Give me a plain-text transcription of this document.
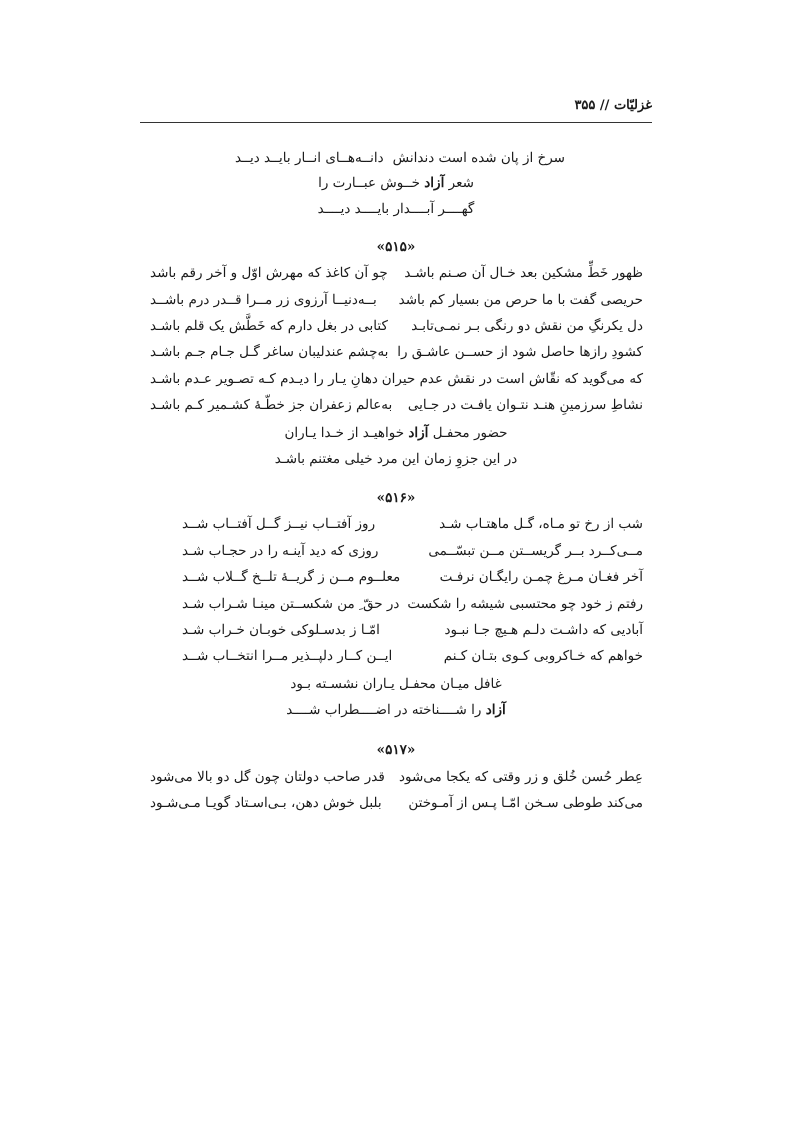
غزلیّات // ۳۵۵
سرخ از پان شده است دندانش
دانــه‌هــای انــار بایــد دیــد
شعر آزاد خــوش عبــارت را
گهــــر آبــــدار بایــــد دیــــد
«۵۱۵»
ظهور خَطِّ مشکین بعد خـال آن صـنم باشـد
چو آن کاغذ که مهرش اوّل و آخر رقم باشد
حریصی گفت با ما حرص من بسیار کم باشد
بــه‌دنیــا آرزوی زر مــرا قــدر درم باشــد
دل یکرنگِ من نقش دو رنگی بـر نمـی‌تابـد
کتابی در بغل دارم که خَطَّش یک قلم باشـد
کشودِ رازها حاصل شود از حســن عاشـق را
به‌چشم عندلیبان ساغر گـل جـام جـم باشـد
که می‌گوید که نقّاش است در نقش عدم حیران
دهانِ یـار را دیـدم کـه تصـویر عـدم باشـد
نشاطِ سرزمینِ هنـد نتـوان یافـت در جـایی
به‌عالم زعفران جز خطّـهٔ کشـمیر کـم باشـد
حضور محفـل آزاد خواهیـد از خـدا یـاران
در این جزوِ زمان این مرد خیلی مغتنم باشـد
«۵۱۶»
شب از رخ تو مـاه، گـل ماهتـاب شـد
روز آفتــاب نیــز گــل آفتــاب شــد
مــی‌کــرد بــر گریســتن مــن تبسّــمی
روزی که دید آینـه را در حجـاب شـد
آخر فغـان مـرغ چمـن رایگـان نرفـت
معلــوم مــن ز گریــهٔ تلــخ گــلاب شــد
رفتم ز خود چو محتسبی شیشه را شکست
در حقّ ِ من شکســتن مینـا شـراب شـد
آبادیی که داشـت دلـم هـیچ جـا نبـود
امّـا ز بدسـلوکی خوبـان خـراب شـد
خواهم که خـاکروبی کـوی بتـان کـنم
ایــن کــار دلپــذیر مــرا انتخــاب شــد
غافل میـان محفـل یـاران نشسـته بـود
آزاد را شــــناخته در اضــــطراب شــــد
«۵۱۷»
عِطر حُسن خُلق و زر وقتی که یکجا می‌شود
قدر صاحب دولتان چون گل دو بالا می‌شود
می‌کند طوطی سـخن امّـا پـس از آمـوختن
بلبل خوش دهن، بـی‌اسـتاد گویـا مـی‌شـود
